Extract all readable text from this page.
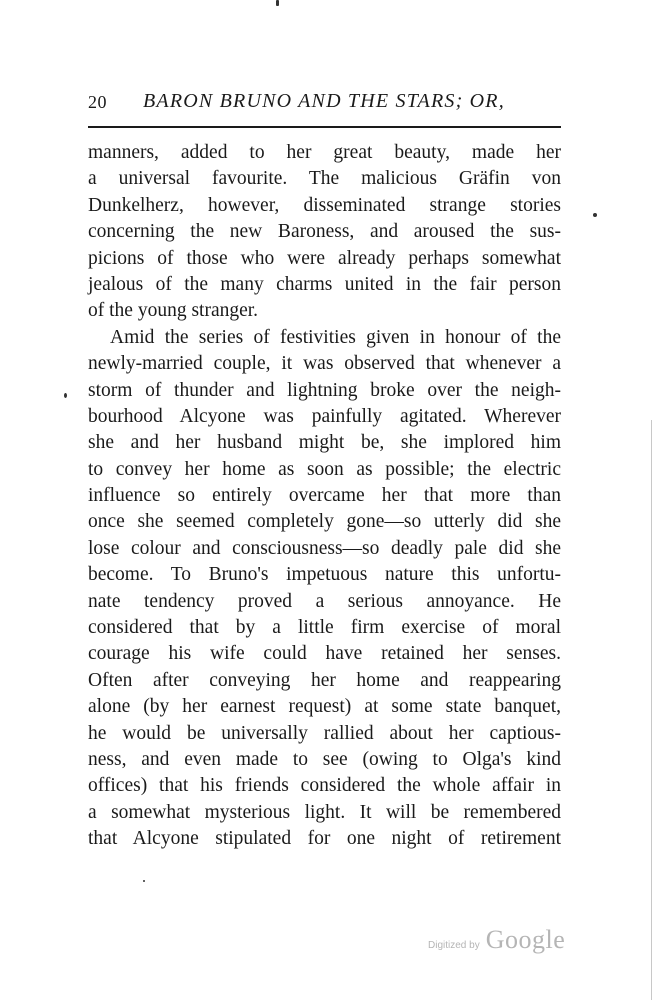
20 BARON BRUNO AND THE STARS; OR,
manners, added to her great beauty, made her
a universal favourite. The malicious Gräfin von
Dunkelherz, however, disseminated strange stories
concerning the new Baroness, and aroused the sus-
picions of those who were already perhaps somewhat
jealous of the many charms united in the fair person
of the young stranger.
Amid the series of festivities given in honour of the
newly-married couple, it was observed that whenever a
storm of thunder and lightning broke over the neigh-
bourhood Alcyone was painfully agitated. Wherever
she and her husband might be, she implored him
to convey her home as soon as possible; the electric
influence so entirely overcame her that more than
once she seemed completely gone—so utterly did she
lose colour and consciousness—so deadly pale did she
become. To Bruno's impetuous nature this unfortu-
nate tendency proved a serious annoyance. He
considered that by a little firm exercise of moral
courage his wife could have retained her senses.
Often after conveying her home and reappearing
alone (by her earnest request) at some state banquet,
he would be universally rallied about her captious-
ness, and even made to see (owing to Olga's kind
offices) that his friends considered the whole affair in
a somewhat mysterious light. It will be remembered
that Alcyone stipulated for one night of retirement
Digitized by Google
